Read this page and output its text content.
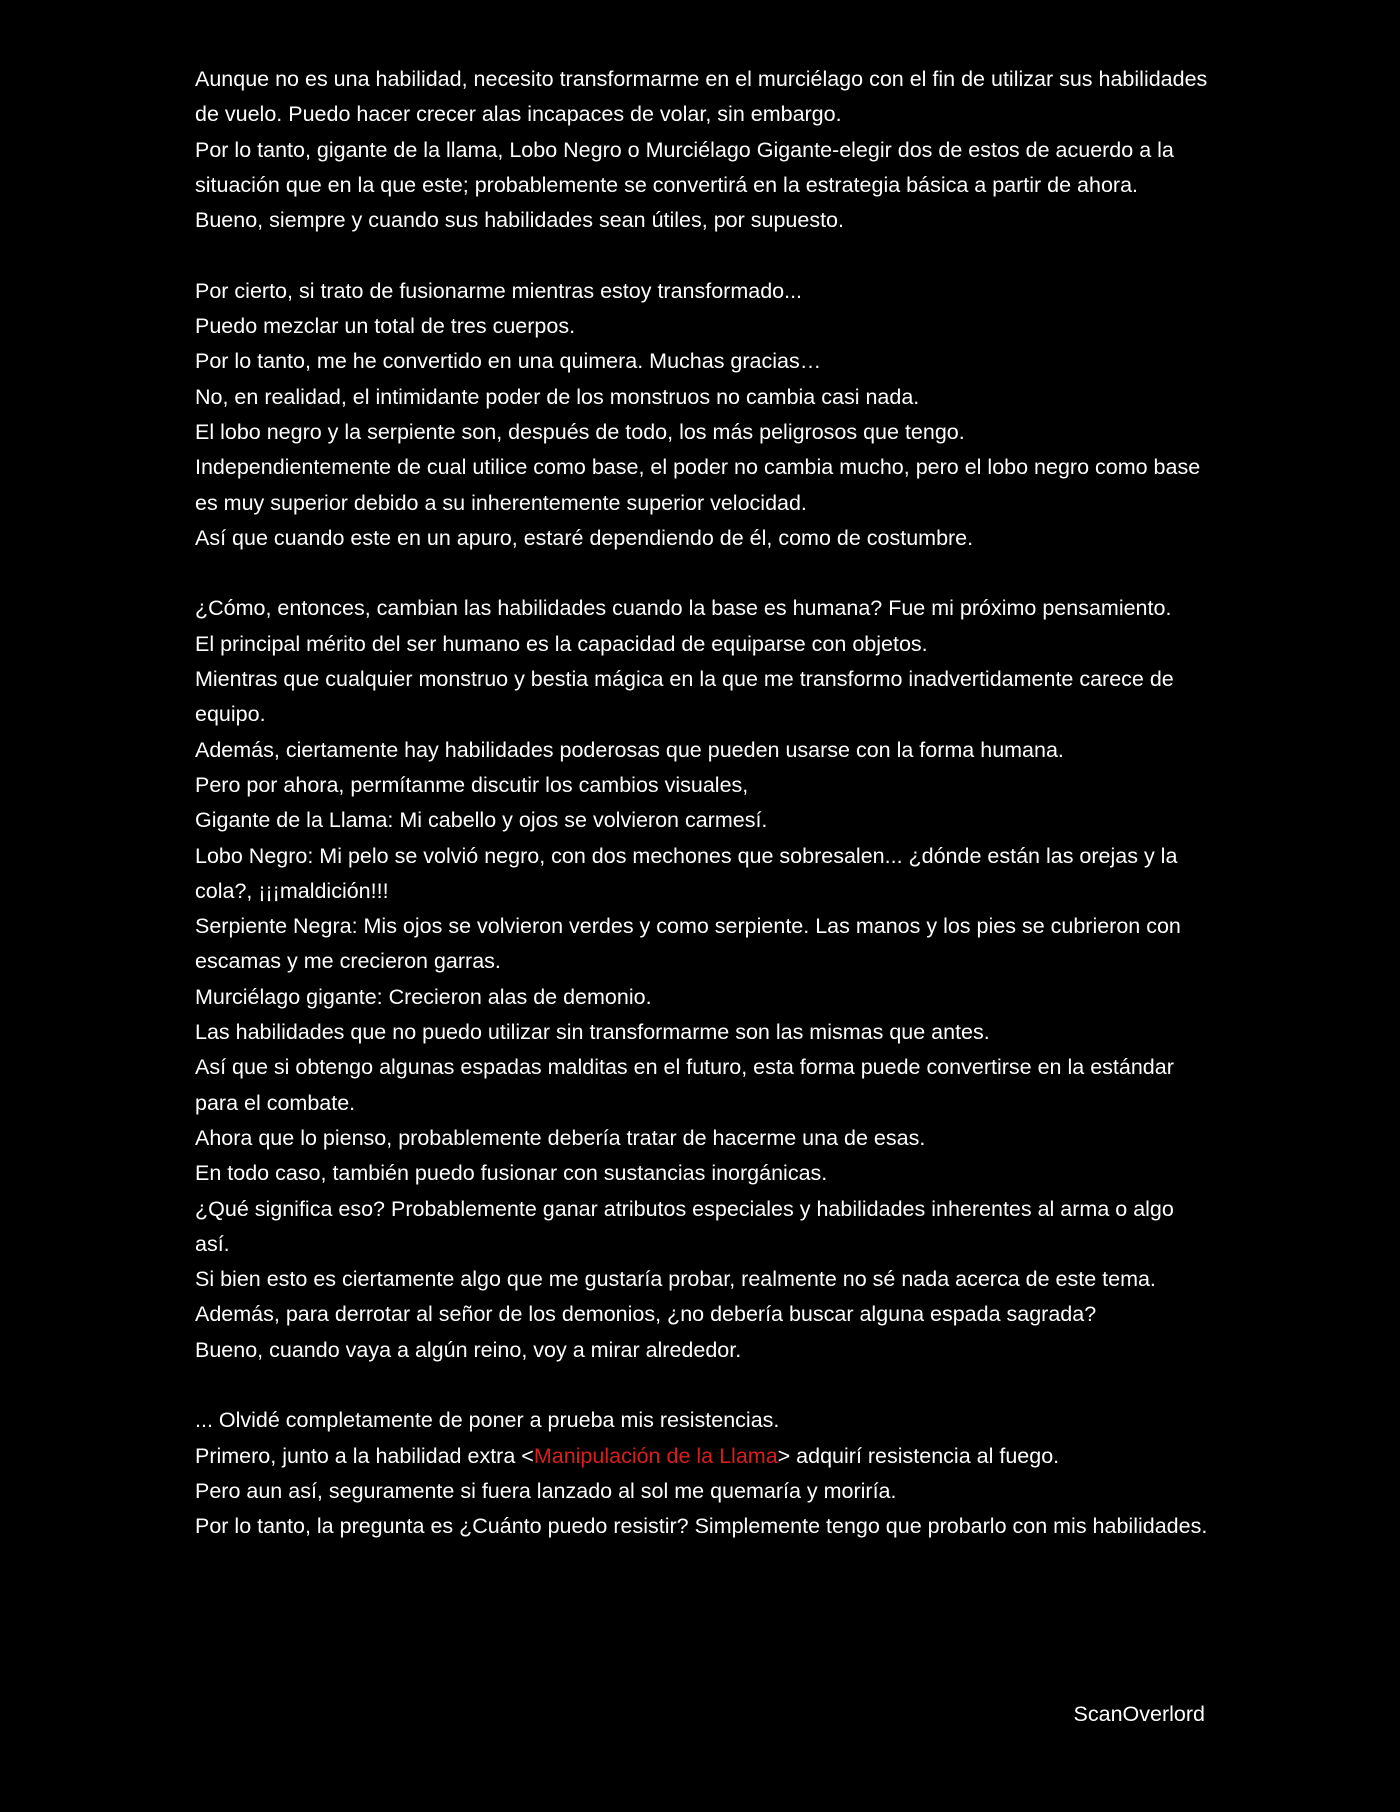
Aunque no es una habilidad, necesito transformarme en el murciélago con el fin de utilizar sus habilidades de vuelo. Puedo hacer crecer alas incapaces de volar, sin embargo.
Por lo tanto, gigante de la llama, Lobo Negro o Murciélago Gigante-elegir dos de estos de acuerdo a la situación que en la que este; probablemente se convertirá en la estrategia básica a partir de ahora.
Bueno, siempre y cuando sus habilidades sean útiles, por supuesto.
Por cierto, si trato de fusionarme mientras estoy transformado...
Puedo mezclar un total de tres cuerpos.
Por lo tanto, me he convertido en una quimera. Muchas gracias…
No, en realidad, el intimidante poder de los monstruos no cambia casi nada.
El lobo negro y la serpiente son, después de todo, los más peligrosos que tengo.
Independientemente de cual utilice como base, el poder no cambia mucho, pero el lobo negro como base es muy superior debido a su inherentemente superior velocidad.
Así que cuando este en un apuro, estaré dependiendo de él, como de costumbre.
¿Cómo, entonces, cambian las habilidades cuando la base es humana? Fue mi próximo pensamiento.
El principal mérito del ser humano es la capacidad de equiparse con objetos.
Mientras que cualquier monstruo y bestia mágica en la que me transformo inadvertidamente carece de equipo.
Además, ciertamente hay habilidades poderosas que pueden usarse con la forma humana.
Pero por ahora, permítanme discutir los cambios visuales,
Gigante de la Llama: Mi cabello y ojos se volvieron carmesí.
Lobo Negro: Mi pelo se volvió negro, con dos mechones que sobresalen... ¿dónde están las orejas y la cola?, ¡¡¡maldición!!!
Serpiente Negra: Mis ojos se volvieron verdes y como serpiente. Las manos y los pies se cubrieron con escamas y me crecieron garras.
Murciélago gigante: Crecieron alas de demonio.
Las habilidades que no puedo utilizar sin transformarme son las mismas que antes.
Así que si obtengo algunas espadas malditas en el futuro, esta forma puede convertirse en la estándar para el combate.
Ahora que lo pienso, probablemente debería tratar de hacerme una de esas.
En todo caso, también puedo fusionar con sustancias inorgánicas.
¿Qué significa eso? Probablemente ganar atributos especiales y habilidades inherentes al arma o algo así.
Si bien esto es ciertamente algo que me gustaría probar, realmente no sé nada acerca de este tema.
Además, para derrotar al señor de los demonios, ¿no debería buscar alguna espada sagrada?
Bueno, cuando vaya a algún reino, voy a mirar alrededor.
... Olvidé completamente de poner a prueba mis resistencias.
Primero, junto a la habilidad extra <Manipulación de la Llama> adquirí resistencia al fuego.
Pero aun así, seguramente si fuera lanzado al sol me quemaría y moriría.
Por lo tanto, la pregunta es ¿Cuánto puedo resistir? Simplemente tengo que probarlo con mis habilidades.
ScanOverlord
